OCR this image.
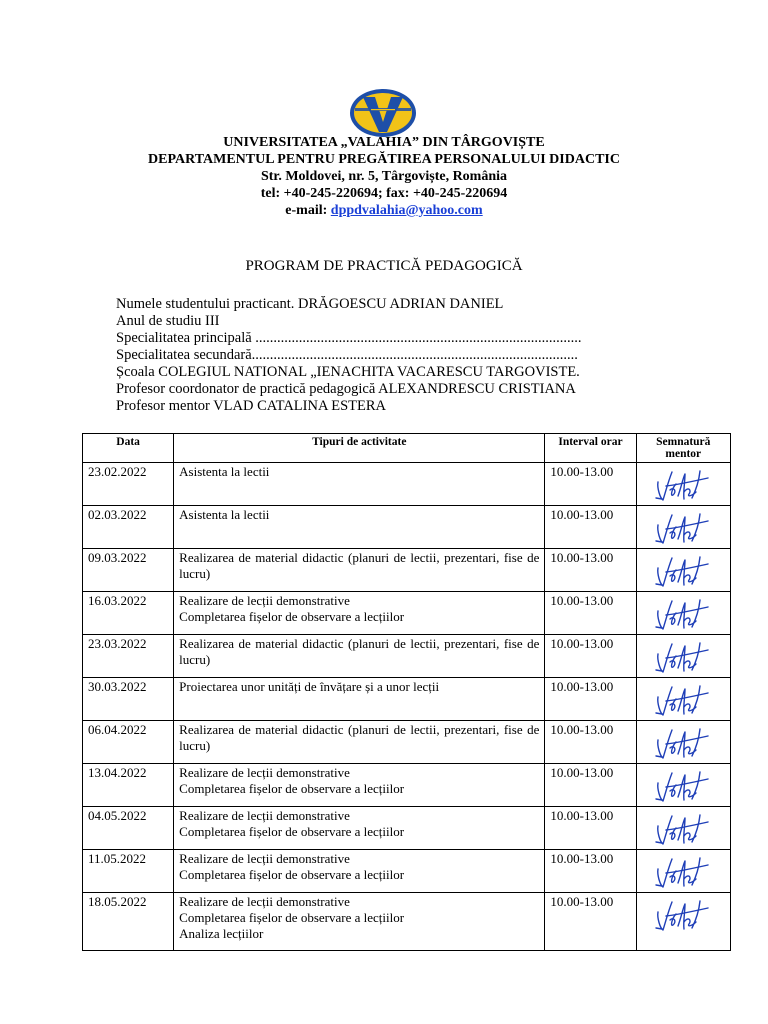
UNIVERSITATEA „VALAHIA” DIN TÂRGOVIȘTE
DEPARTAMENTUL PENTRU PREGĂTIREA PERSONALULUI DIDACTIC
Str. Moldovei, nr. 5, Târgoviște, România
tel: +40-245-220694; fax: +40-245-220694
e-mail: dppdvalahia@yahoo.com
PROGRAM DE PRACTICĂ PEDAGOGICĂ
Numele studentului practicant. DRĂGOESCU ADRIAN DANIEL
Anul de studiu III
Specialitatea principală ..........................................................................................
Specialitatea secundară..........................................................................................
Școala COLEGIUL NATIONAL „IENACHITA VACARESCU TARGOVISTE.
Profesor coordonator de practică pedagogică ALEXANDRESCU CRISTIANA
Profesor mentor VLAD CATALINA ESTERA
Data	Tipuri de activitate	Interval orar	Semnatură mentor
23.02.2022	Asistenta la lectii	10.00-13.00	

02.03.2022	Asistenta la lectii	10.00-13.00	

09.03.2022	Realizarea de material didactic (planuri de lectii, prezentari, fise de lucru)	10.00-13.00	

16.03.2022	Realizare de lecții demonstrative
Completarea fișelor de observare a lecțiilor	10.00-13.00	

23.03.2022	Realizarea de material didactic (planuri de lectii, prezentari, fise de lucru)	10.00-13.00	

30.03.2022	Proiectarea unor unități de învățare și a unor lecții	10.00-13.00	

06.04.2022	Realizarea de material didactic (planuri de lectii, prezentari, fise de lucru)	10.00-13.00	

13.04.2022	Realizare de lecții demonstrative
Completarea fișelor de observare a lecțiilor	10.00-13.00	

04.05.2022	Realizare de lecții demonstrative
Completarea fișelor de observare a lecțiilor	10.00-13.00	

11.05.2022	Realizare de lecții demonstrative
Completarea fișelor de observare a lecțiilor	10.00-13.00	

18.05.2022	Realizare de lecții demonstrative
Completarea fișelor de observare a lecțiilor
Analiza lecțiilor	10.00-13.00	
